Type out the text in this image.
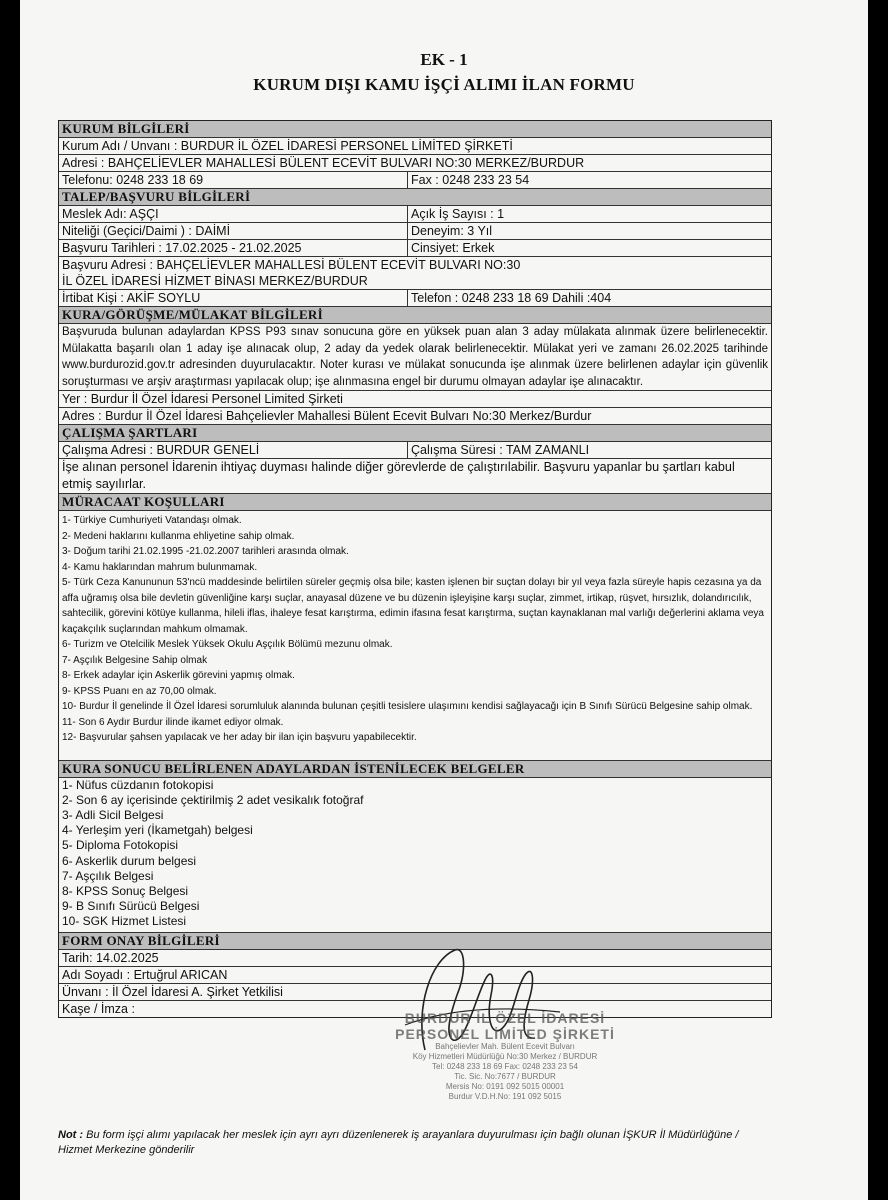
EK - 1
KURUM DIŞI KAMU İŞÇİ ALIMI İLAN FORMU
KURUM BİLGİLERİ
Kurum Adı / Unvanı : BURDUR İL ÖZEL İDARESİ PERSONEL LİMİTED ŞİRKETİ
Adresi : BAHÇELİEVLER MAHALLESİ BÜLENT ECEVİT BULVARI NO:30 MERKEZ/BURDUR
Telefonu: 0248 233 18 69	Fax : 0248 233 23 54
TALEP/BAŞVURU BİLGİLERİ
Meslek Adı: AŞÇI	Açık İş Sayısı : 1
Niteliği (Geçici/Daimi ) : DAİMİ	Deneyim: 3 Yıl
Başvuru Tarihleri : 17.02.2025 - 21.02.2025	Cinsiyet: Erkek
Başvuru Adresi : BAHÇELİEVLER MAHALLESİ BÜLENT ECEVİT BULVARI NO:30
İL ÖZEL İDARESİ HİZMET BİNASI MERKEZ/BURDUR
İrtibat Kişi : AKİF SOYLU	Telefon : 0248 233 18 69 Dahili :404
KURA/GÖRÜŞME/MÜLAKAT BİLGİLERİ
Başvuruda bulunan adaylardan KPSS P93 sınav sonucuna göre en yüksek puan alan 3 aday mülakata alınmak üzere belirlenecektir. Mülakatta başarılı olan 1 aday işe alınacak olup, 2 aday da yedek olarak belirlenecektir. Mülakat yeri ve zamanı 26.02.2025 tarihinde www.burdurozid.gov.tr adresinden duyurulacaktır. Noter kurası ve mülakat sonucunda işe alınmak üzere belirlenen adaylar için güvenlik soruşturması ve arşiv araştırması yapılacak olup; işe alınmasına engel bir durumu olmayan adaylar işe alınacaktır.
Yer : Burdur İl Özel İdaresi Personel Limited Şirketi
Adres : Burdur İl Özel İdaresi Bahçelievler Mahallesi Bülent Ecevit Bulvarı No:30 Merkez/Burdur
ÇALIŞMA ŞARTLARI
Çalışma Adresi : BURDUR GENELİ	Çalışma Süresi : TAM ZAMANLI
İşe alınan personel İdarenin ihtiyaç duyması halinde diğer görevlerde de çalıştırılabilir. Başvuru yapanlar bu şartları kabul etmiş sayılırlar.
MÜRACAAT KOŞULLARI
1- Türkiye Cumhuriyeti Vatandaşı olmak.
2- Medeni haklarını kullanma ehliyetine sahip olmak.
3- Doğum tarihi 21.02.1995 -21.02.2007 tarihleri arasında olmak.
4- Kamu haklarından mahrum bulunmamak.
5- Türk Ceza Kanununun 53'ncü maddesinde belirtilen süreler geçmiş olsa bile; kasten işlenen bir suçtan dolayı bir yıl veya fazla süreyle hapis cezasına ya da affa uğramış olsa bile devletin güvenliğine karşı suçlar, anayasal düzene ve bu düzenin işleyişine karşı suçlar, zimmet, irtikap, rüşvet, hırsızlık, dolandırıcılık, sahtecilik, görevini kötüye kullanma, hileli iflas, ihaleye fesat karıştırma, edimin ifasına fesat karıştırma, suçtan kaynaklanan mal varlığı değerlerini aklama veya kaçakçılık suçlarından mahkum olmamak.
6- Turizm ve Otelcilik Meslek Yüksek Okulu Aşçılık Bölümü mezunu olmak.
7- Aşçılık Belgesine Sahip olmak
8- Erkek adaylar için Askerlik görevini yapmış olmak.
9- KPSS Puanı en az 70,00 olmak.
10- Burdur İl genelinde İl Özel İdaresi sorumluluk alanında bulunan çeşitli tesislere ulaşımını kendisi sağlayacağı için B Sınıfı Sürücü Belgesine sahip olmak.
11- Son 6 Aydır Burdur ilinde ikamet ediyor olmak.
12- Başvurular şahsen yapılacak ve her aday bir ilan için başvuru yapabilecektir.
KURA SONUCU BELİRLENEN ADAYLARDAN İSTENİLECEK BELGELER
1- Nüfus cüzdanın fotokopisi
2- Son 6 ay içerisinde çektirilmiş 2 adet vesikalık fotoğraf
3- Adli Sicil Belgesi
4- Yerleşim yeri (İkametgah) belgesi
5- Diploma Fotokopisi
6- Askerlik durum belgesi
7- Aşçılık Belgesi
8- KPSS Sonuç Belgesi
9- B Sınıfı Sürücü Belgesi
10- SGK Hizmet Listesi
FORM ONAY BİLGİLERİ
Tarih: 14.02.2025
Adı Soyadı : Ertuğrul ARICAN
Ünvanı : İl Özel İdaresi A. Şirket Yetkilisi
Kaşe / İmza :
BURDUR İL ÖZEL İDARESİ
PERSONEL LİMİTED ŞİRKETİ
Bahçelievler Mah. Bülent Ecevit Bulvarı
Köy Hizmetleri Müdürlüğü No:30 Merkez / BURDUR
Tel: 0248 233 18 69 Fax: 0248 233 23 54
Tic. Sic. No:7677 / BURDUR
Mersis No: 0191 092 5015 00001
Burdur V.D.H.No: 191 092 5015
Not : Bu form işçi alımı yapılacak her meslek için ayrı ayrı düzenlenerek iş arayanlara duyurulması için bağlı olunan İŞKUR İl Müdürlüğüne / Hizmet Merkezine gönderilir
